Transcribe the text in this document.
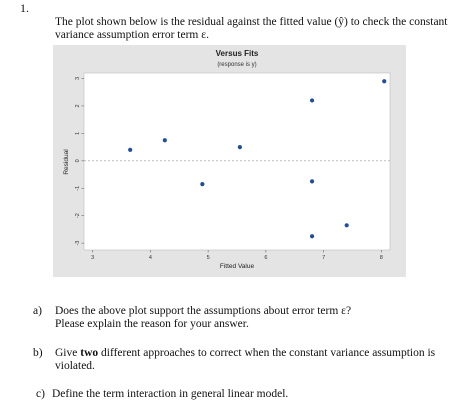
1.
The plot shown below is the residual against the fitted value (ŷ) to check the constant
variance assumption error term ε.
Versus Fits
(response is y)
Fitted Value
Residual
3	4	5	6	7	8
3
2
1
0
-1
-2
-3
a) Does the above plot support the assumptions about error term ε?
Please explain the reason for your answer.
b) Give two different approaches to correct when the constant variance assumption is
violated.
c) Define the term interaction in general linear model.
